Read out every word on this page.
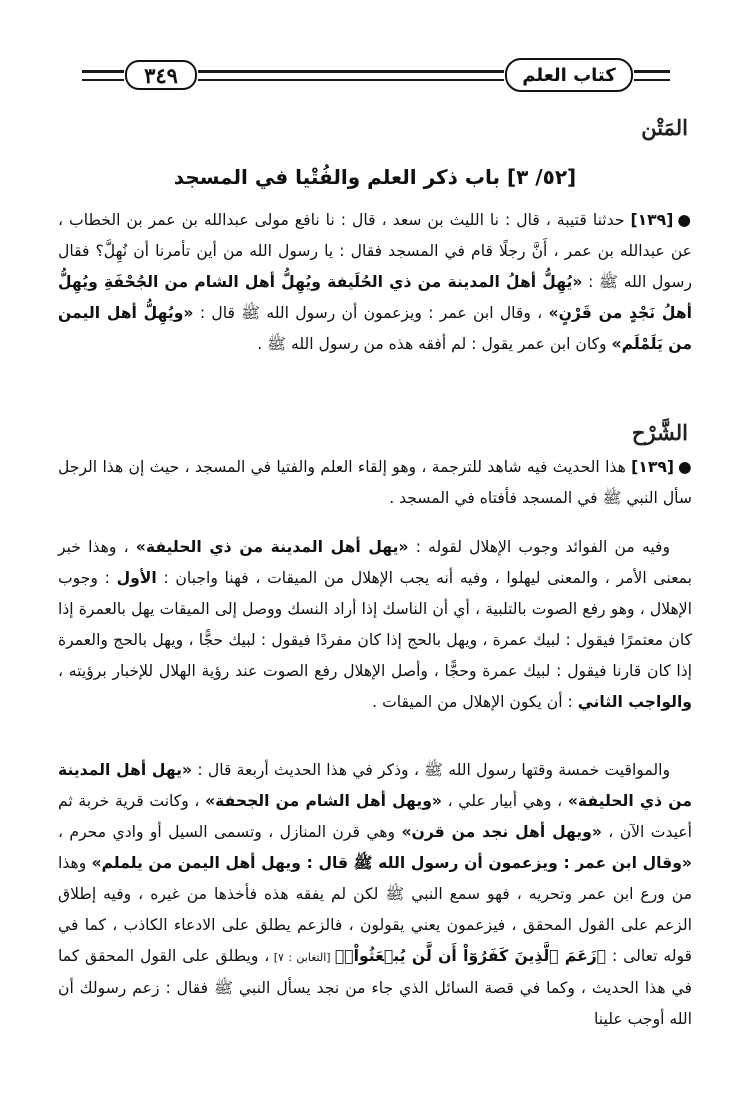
٣٤٩	كتاب العلم
المَتْن
[٥٢/ ٣] باب ذكر العلم والفُتْيا في المسجد
●[١٣٩] حدثنا قتيبة ، قال : نا الليث بن سعد ، قال : نا نافع مولى عبدالله بن عمر بن الخطاب ، عن عبدالله بن عمر ، أَنَّ رجلًا قام في المسجد فقال : يا رسول الله من أين تأمرنا أن نُهِلَّ؟ فقال رسول الله ﷺ : «يُهِلُّ أهلُ المدينة من ذي الحُلَيفة ويُهِلُّ أهل الشام من الجُحْفَةِ ويُهِلُّ أهلُ نَجْدٍ من قَرْنٍ» ، وقال ابن عمر : ويزعمون أن رسول الله ﷺ قال : «ويُهِلُّ أهل اليمن من يَلَمْلَم» وكان ابن عمر يقول : لم أفقه هذه من رسول الله ﷺ .
الشَّرْح
●[١٣٩] هذا الحديث فيه شاهد للترجمة ، وهو إلقاء العلم والفتيا في المسجد ، حيث إن هذا الرجل سأل النبي ﷺ في المسجد فأفتاه في المسجد .
وفيه من الفوائد وجوب الإهلال لقوله : «يهل أهل المدينة من ذي الحليفة» ، وهذا خبر بمعنى الأمر ، والمعنى ليهلوا ، وفيه أنه يجب الإهلال من الميقات ، فهنا واجبان : الأول : وجوب الإهلال ، وهو رفع الصوت بالتلبية ، أي أن الناسك إذا أراد النسك ووصل إلى الميقات يهل بالعمرة إذا كان معتمرًا فيقول : لبيك عمرة ، ويهل بالحج إذا كان مفردًا فيقول : لبيك حجًّا ، ويهل بالحج والعمرة إذا كان قارنا فيقول : لبيك عمرة وحجًّا ، وأصل الإهلال رفع الصوت عند رؤية الهلال للإخبار برؤيته ، والواجب الثاني : أن يكون الإهلال من الميقات .
والمواقيت خمسة وقتها رسول الله ﷺ ، وذكر في هذا الحديث أربعة قال : «يهل أهل المدينة من ذي الحليفة» ، وهي أبيار علي ، «ويهل أهل الشام من الجحفة» ، وكانت قرية خربة ثم أعيدت الآن ، «ويهل أهل نجد من قرن» وهي قرن المنازل ، وتسمى السيل أو وادي محرم ، «وقال ابن عمر : ويزعمون أن رسول الله ﷺ قال : ويهل أهل اليمن من يلملم» وهذا من ورع ابن عمر وتحريه ، فهو سمع النبي ﷺ لكن لم يفقه هذه فأخذها من غيره ، وفيه إطلاق الزعم على القول المحقق ، فيزعمون يعني يقولون ، فالزعم يطلق على الادعاء الكاذب ، كما في قوله تعالى : ﴿زَعَمَ ٱلَّذِينَ كَفَرُوٓاْ أَن لَّن يُبۡعَثُواْۚ﴾ [التغابن : ٧] ، ويطلق على القول المحقق كما في هذا الحديث ، وكما في قصة السائل الذي جاء من نجد يسأل النبي ﷺ فقال : زعم رسولك أن الله أوجب علينا
